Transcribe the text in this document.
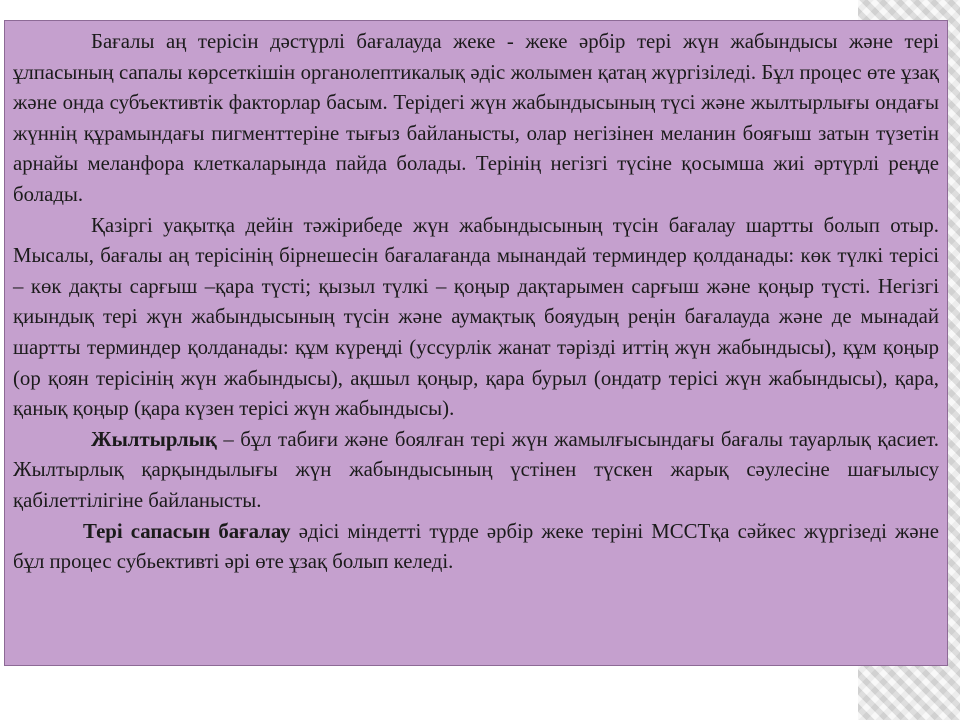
Бағалы аң терісін дәстүрлі бағалауда жеке - жеке әрбір тері жүн жабындысы және тері ұлпасының сапалы көрсеткішін органолептикалық әдіс жолымен қатаң жүргізіледі. Бұл процес өте ұзақ және онда субъективтік факторлар басым. Терідегі жүн жабындысының түсі және жылтырлығы ондағы жүннің құрамындағы пигменттеріне тығыз байланысты, олар негізінен меланин бояғыш затын түзетін арнайы меланфора клеткаларында пайда болады. Терінің негізгі түсіне қосымша жиі әртүрлі реңде болады.

Қазіргі уақытқа дейін тәжірибеде жүн жабындысының түсін бағалау шартты болып отыр. Мысалы, бағалы аң терісінің бірнешесін бағалағанда мынандай терминдер қолданады: көк түлкі терісі – көк дақты сарғыш –қара түсті; қызыл түлкі – қоңыр дақтарымен сарғыш және қоңыр түсті. Негізгі қиындық тері жүн жабындысының түсін және аумақтық бояудың реңін бағалауда және де мынадай шартты терминдер қолданады: құм күреңді (уссурлік жанат тәрізді иттің жүн жабындысы), құм қоңыр (ор қоян терісінің жүн жабындысы), ақшыл қоңыр, қара бурыл (ондатр терісі жүн жабындысы), қара, қанық қоңыр (қара күзен терісі жүн жабындысы).

Жылтырлық – бұл табиғи және боялған тері жүн жамылғысындағы бағалы тауарлық қасиет. Жылтырлық қарқындылығы жүн жабындысының үстінен түскен жарық сәулесіне шағылысу қабілеттілігіне байланысты.

Тері сапасын бағалау әдісі міндетті түрде әрбір жеке теріні МССТқа сәйкес жүргізеді және бұл процес субьективті әрі өте ұзақ болып келеді.
